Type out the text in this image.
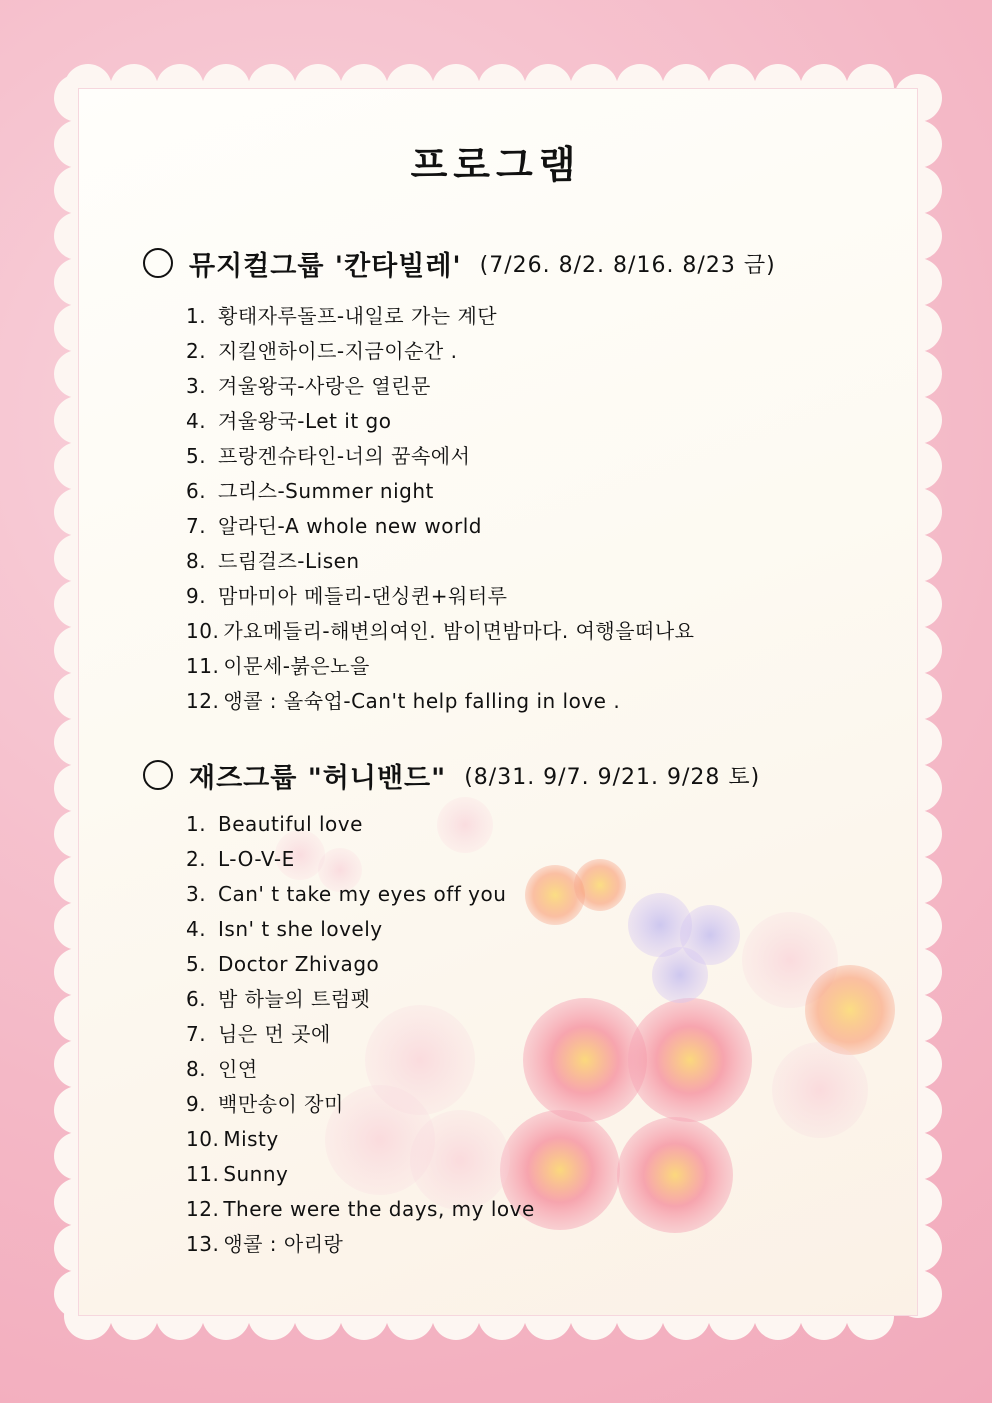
프로그램
뮤지컬그룹 '칸타빌레' (7/26. 8/2. 8/16. 8/23 금)
1. 황태자루돌프-내일로 가는 계단
2. 지킬앤하이드-지금이순간 .
3. 겨울왕국-사랑은 열린문
4. 겨울왕국-Let it go
5. 프랑겐슈타인-너의 꿈속에서
6. 그리스-Summer night
7. 알라딘-A whole new world
8. 드림걸즈-Lisen
9. 맘마미아 메들리-댄싱퀸+워터루
10. 가요메들리-해변의여인. 밤이면밤마다. 여행을떠나요
11. 이문세-붉은노을
12. 앵콜 : 올슉업-Can't help falling in love .
재즈그룹 "허니밴드" (8/31. 9/7. 9/21. 9/28 토)
1. Beautiful love
2. L-O-V-E
3. Can' t take my eyes off you
4. Isn' t she lovely
5. Doctor Zhivago
6. 밤 하늘의 트럼펫
7. 님은 먼 곳에
8. 인연
9. 백만송이 장미
10. Misty
11. Sunny
12. There were the days, my love
13. 앵콜 : 아리랑
